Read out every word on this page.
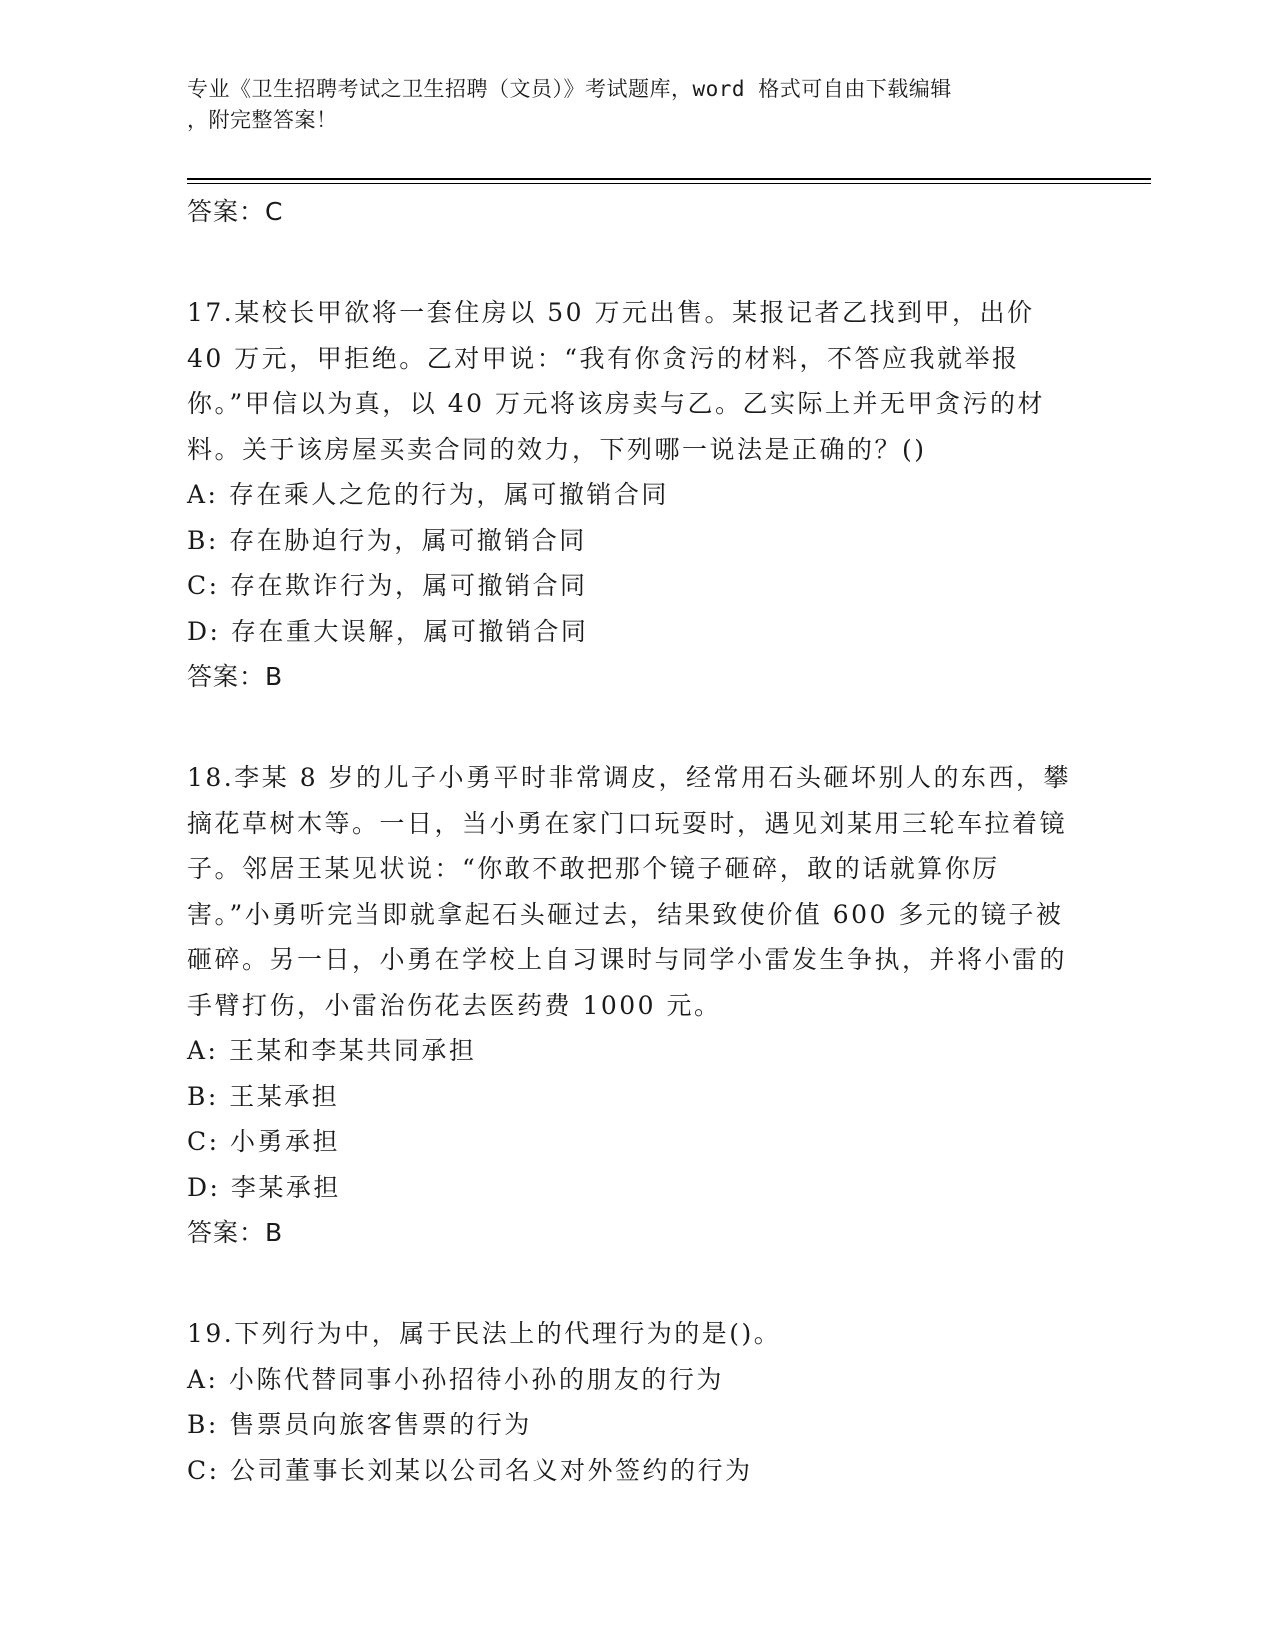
专业《卫生招聘考试之卫生招聘（文员）》考试题库，word 格式可自由下载编辑
，附完整答案！
答案：C
17.某校长甲欲将一套住房以 50 万元出售。某报记者乙找到甲，出价 40 万元，甲拒绝。乙对甲说：“我有你贪污的材料，不答应我就举报你。”甲信以为真，以 40 万元将该房卖与乙。乙实际上并无甲贪污的材料。关于该房屋买卖合同的效力，下列哪一说法是正确的？()
A: 存在乘人之危的行为，属可撤销合同
B: 存在胁迫行为，属可撤销合同
C: 存在欺诈行为，属可撤销合同
D: 存在重大误解，属可撤销合同
答案：B
18.李某 8 岁的儿子小勇平时非常调皮，经常用石头砸坏别人的东西，攀摘花草树木等。一日，当小勇在家门口玩耍时，遇见刘某用三轮车拉着镜子。邻居王某见状说：“你敢不敢把那个镜子砸碎，敢的话就算你厉害。”小勇听完当即就拿起石头砸过去，结果致使价值 600 多元的镜子被砸碎。另一日，小勇在学校上自习课时与同学小雷发生争执，并将小雷的手臂打伤，小雷治伤花去医药费 1000 元。
A: 王某和李某共同承担
B: 王某承担
C: 小勇承担
D: 李某承担
答案：B
19.下列行为中，属于民法上的代理行为的是()。
A: 小陈代替同事小孙招待小孙的朋友的行为
B: 售票员向旅客售票的行为
C: 公司董事长刘某以公司名义对外签约的行为
